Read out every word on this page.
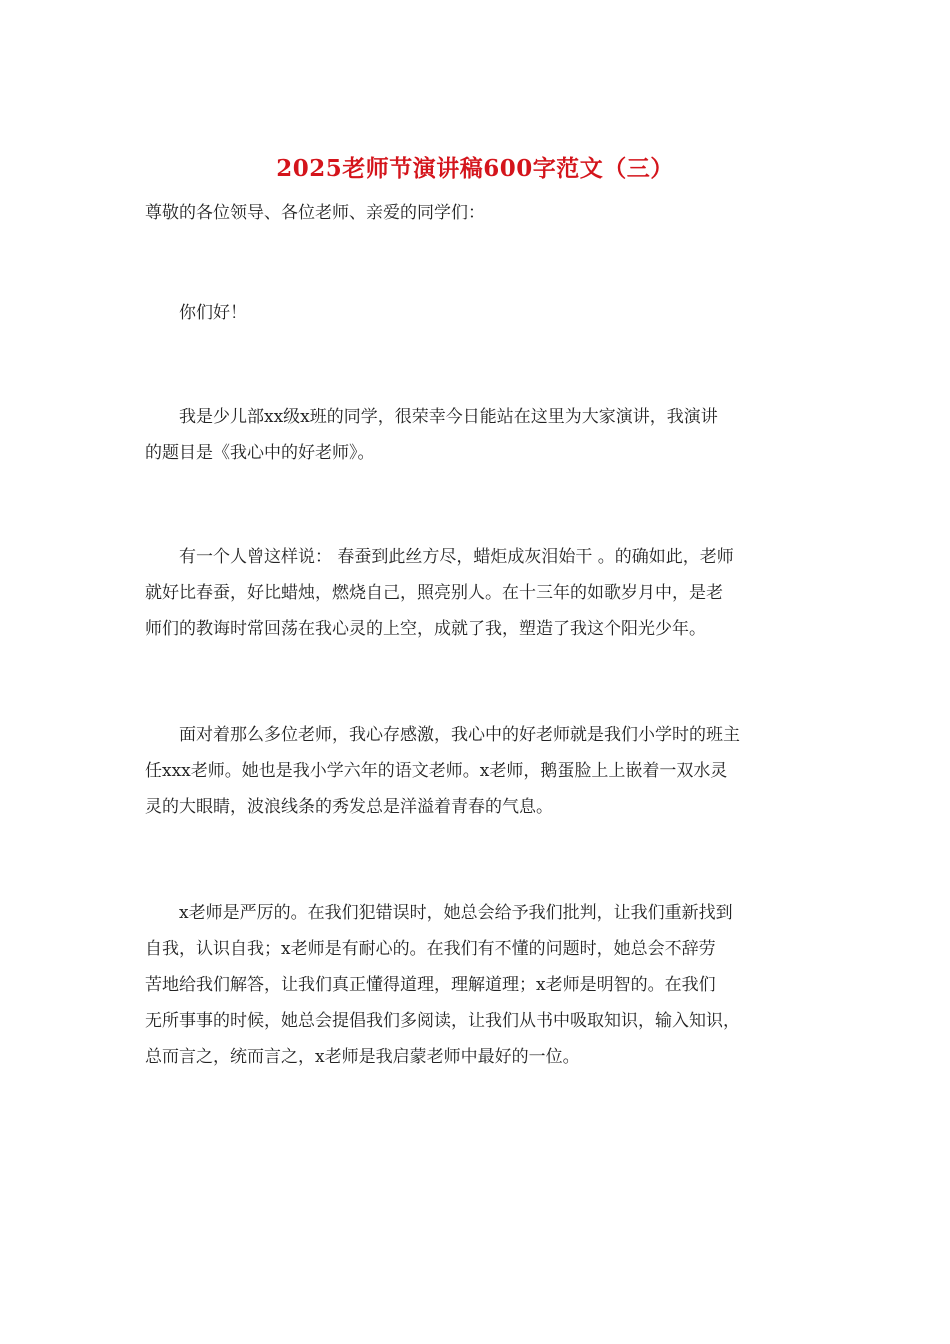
2025老师节演讲稿600字范文（三）

尊敬的各位领导、各位老师、亲爱的同学们：

你们好！

我是少儿部xx级x班的同学，很荣幸今日能站在这里为大家演讲，我演讲
的题目是《我心中的好老师》。

有一个人曾这样说： 春蚕到此丝方尽，蜡炬成灰泪始干 。的确如此，老师
就好比春蚕，好比蜡烛，燃烧自己，照亮别人。在十三年的如歌岁月中，是老
师们的教诲时常回荡在我心灵的上空，成就了我，塑造了我这个阳光少年。

面对着那么多位老师，我心存感激，我心中的好老师就是我们小学时的班主
任xxx老师。她也是我小学六年的语文老师。x老师，鹅蛋脸上上嵌着一双水灵
灵的大眼睛，波浪线条的秀发总是洋溢着青春的气息。

x老师是严厉的。在我们犯错误时，她总会给予我们批判，让我们重新找到
自我，认识自我；x老师是有耐心的。在我们有不懂的问题时，她总会不辞劳
苦地给我们解答，让我们真正懂得道理，理解道理；x老师是明智的。在我们
无所事事的时候，她总会提倡我们多阅读，让我们从书中吸取知识，输入知识，
总而言之，统而言之，x老师是我启蒙老师中最好的一位。
